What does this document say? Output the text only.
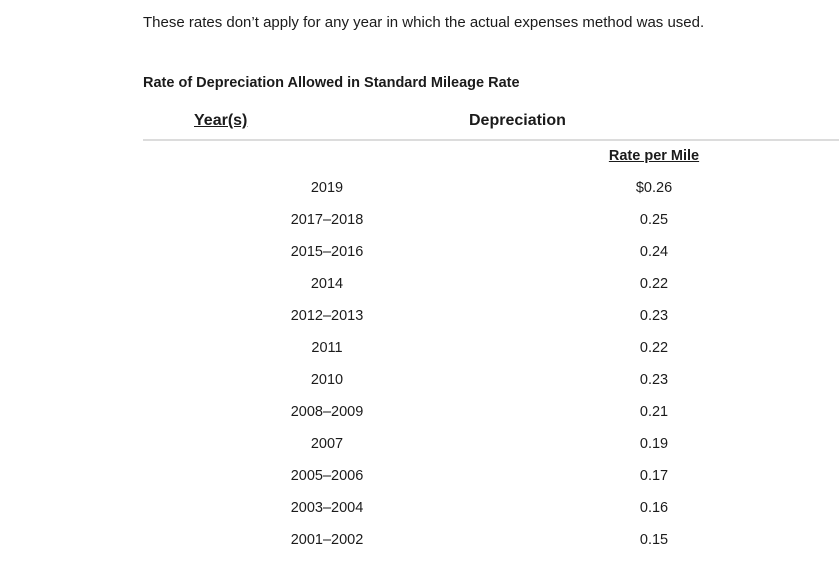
These rates don’t apply for any year in which the actual expenses method was used.
Rate of Depreciation Allowed in Standard Mileage Rate
Year(s)	Depreciation
Rate per Mile
2019	$0.26
2017–2018	0.25
2015–2016	0.24
2014	0.22
2012–2013	0.23
2011	0.22
2010	0.23
2008–2009	0.21
2007	0.19
2005–2006	0.17
2003–2004	0.16
2001–2002	0.15
